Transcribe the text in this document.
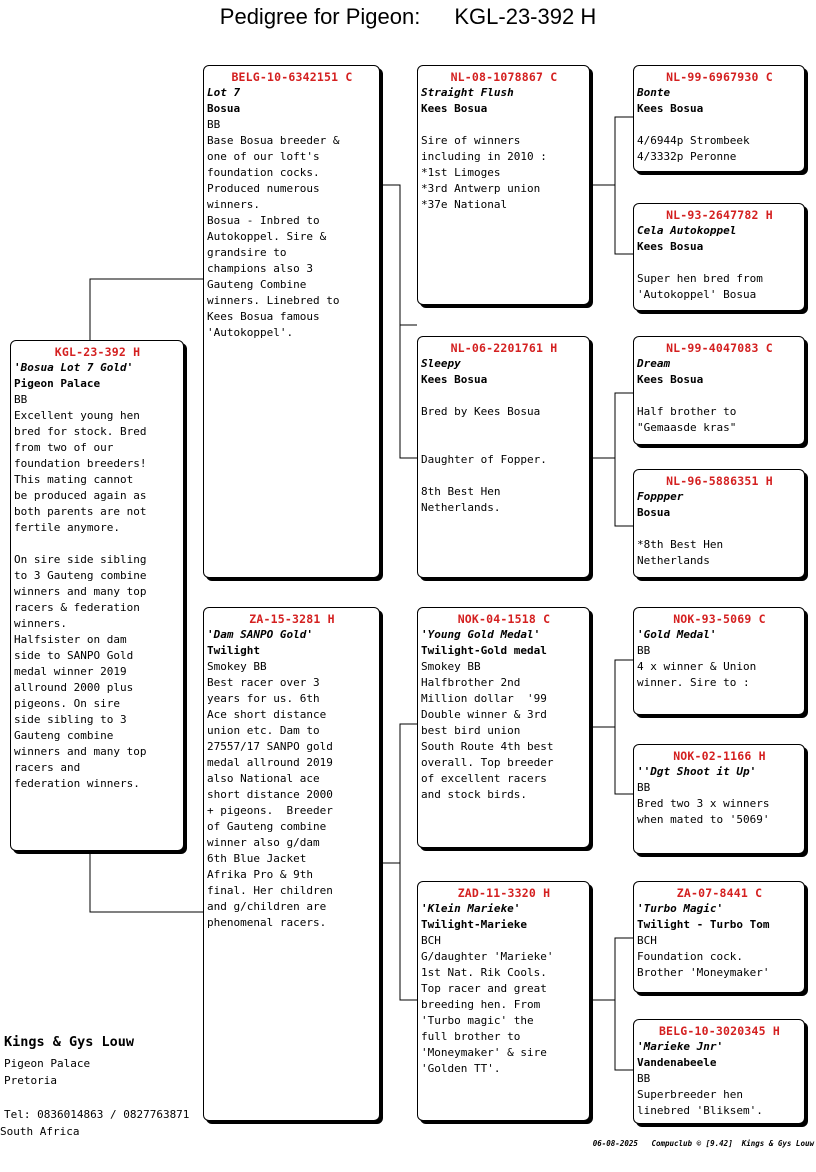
Pedigree for Pigeon: KGL-23-392 H
KGL-23-392 H
'Bosua Lot 7 Gold'
Pigeon Palace
BB
Excellent young hen
bred for stock. Bred
from two of our
foundation breeders!
This mating cannot
be produced again as
both parents are not
fertile anymore.

On sire side sibling
to 3 Gauteng combine
winners and many top
racers & federation
winners.
Halfsister on dam
side to SANPO Gold
medal winner 2019
allround 2000 plus
pigeons. On sire
side sibling to 3
Gauteng combine
winners and many top
racers and
federation winners.
BELG-10-6342151 C
Lot 7
Bosua
BB
Base Bosua breeder &
one of our loft's
foundation cocks.
Produced numerous
winners.
Bosua - Inbred to
Autokoppel. Sire &
grandsire to
champions also 3
Gauteng Combine
winners. Linebred to
Kees Bosua famous
'Autokoppel'.
ZA-15-3281 H
'Dam SANPO Gold'
Twilight
Smokey BB
Best racer over 3
years for us. 6th
Ace short distance
union etc. Dam to
27557/17 SANPO gold
medal allround 2019
also National ace
short distance 2000
+ pigeons.  Breeder
of Gauteng combine
winner also g/dam
6th Blue Jacket
Afrika Pro & 9th
final. Her children
and g/children are
phenomenal racers.
NL-08-1078867 C
Straight Flush
Kees Bosua

Sire of winners
including in 2010 :
*1st Limoges
*3rd Antwerp union
*37e National
NL-06-2201761 H
Sleepy
Kees Bosua

Bred by Kees Bosua

Daughter of Fopper.

8th Best Hen
Netherlands.
NOK-04-1518 C
'Young Gold Medal'
Twilight-Gold medal
Smokey BB
Halfbrother 2nd
Million dollar  '99
Double winner & 3rd
best bird union
South Route 4th best
overall. Top breeder
of excellent racers
and stock birds.
ZAD-11-3320 H
'Klein Marieke'
Twilight-Marieke
BCH
G/daughter 'Marieke'
1st Nat. Rik Cools.
Top racer and great
breeding hen. From
'Turbo magic' the
full brother to
'Moneymaker' & sire
'Golden TT'.
NL-99-6967930 C
Bonte
Kees Bosua

4/6944p Strombeek
4/3332p Peronne
NL-93-2647782 H
Cela Autokoppel
Kees Bosua

Super hen bred from
'Autokoppel' Bosua
NL-99-4047083 C
Dream
Kees Bosua

Half brother to
"Gemaasde kras"
NL-96-5886351 H
Foppper
Bosua

*8th Best Hen
Netherlands
NOK-93-5069 C
'Gold Medal'
BB
4 x winner & Union
winner. Sire to :
NOK-02-1166 H
''Dgt Shoot it Up'
BB
Bred two 3 x winners
when mated to '5069'
ZA-07-8441 C
'Turbo Magic'
Twilight - Turbo Tom
BCH
Foundation cock.
Brother 'Moneymaker'
BELG-10-3020345 H
'Marieke Jnr'
Vandenabeele
BB
Superbreeder hen
linebred 'Bliksem'.
Kings & Gys Louw
Pigeon Palace
Pretoria
Tel: 0836014863 / 0827763871
South Africa
06-08-2025 Compuclub © [9.42] Kings & Gys Louw
